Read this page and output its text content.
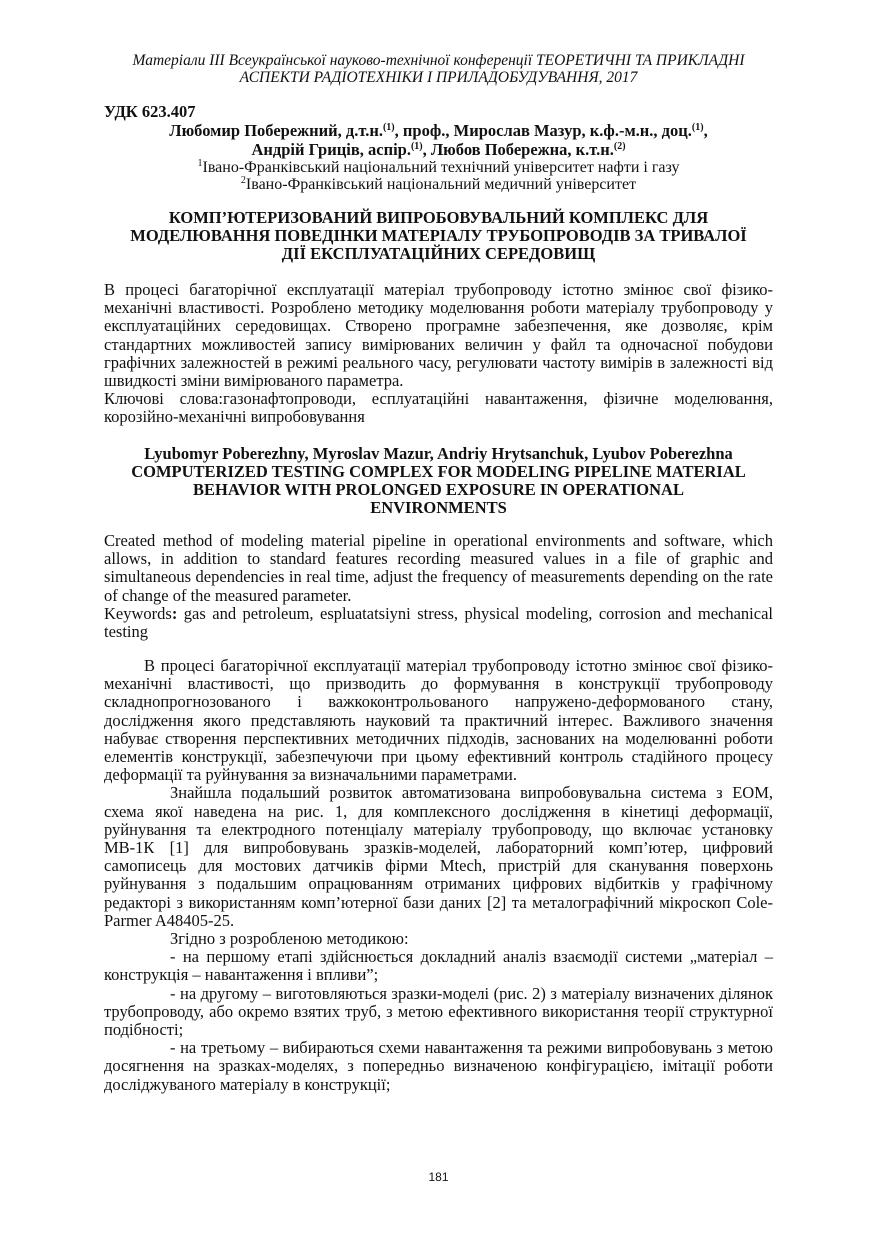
Матеріали ІІІ Всеукраїнської науково-технічної конференції ТЕОРЕТИЧНІ ТА ПРИКЛАДНІ
АСПЕКТИ РАДІОТЕХНІКИ І ПРИЛАДОБУДУВАННЯ, 2017
УДК 623.407
Любомир Побережний, д.т.н.$^{(1)}$, проф., Мирослав Мазур, к.ф.-м.н., доц.$^{(1)}$,
Андрій Гриців, аспір.$^{(1)}$, Любов Побережна, к.т.н.$^{(2)}$
$^1$Івано-Франківський національний технічний університет нафти і газу
$^2$Івано-Франківський національний медичний університет
КОМП’ЮТЕРИЗОВАНИЙ ВИПРОБОВУВАЛЬНИЙ КОМПЛЕКС ДЛЯ
МОДЕЛЮВАННЯ ПОВЕДІНКИ МАТЕРІАЛУ ТРУБОПРОВОДІВ ЗА ТРИВАЛОЇ
ДІЇ ЕКСПЛУАТАЦІЙНИХ СЕРЕДОВИЩ

В процесі багаторічної експлуатації матеріал трубопроводу істотно змінює свої фізико-механічні властивості. Розроблено методику моделювання роботи матеріалу трубопроводу у експлуатаційних середовищах. Створено програмне забезпечення, яке дозволяє, крім стандартних можливостей запису вимірюваних величин у файл та одночасної побудови графічних залежностей в режимі реального часу, регулювати частоту вимірів в залежності від швидкості зміни вимірюваного параметра.

Ключові слова:газонафтопроводи, есплуатаційні навантаження, фізичне моделювання, корозійно-механічні випробовування

Lyubomyr Poberezhny, Myroslav Mazur, Andriy Hrytsanchuk, Lyubov Poberezhna
COMPUTERIZED TESTING COMPLEX FOR MODELING PIPELINE MATERIAL
BEHAVIOR WITH PROLONGED EXPOSURE IN OPERATIONAL
ENVIRONMENTS

Created method of modeling material pipeline in operational environments and software, which allows, in addition to standard features recording measured values in a file of graphic and simultaneous dependencies in real time, adjust the frequency of measurements depending on the rate of change of the measured parameter.

Keywords: gas and petroleum, espluatatsiyni stress, physical modeling, corrosion and mechanical testing

В процесі багаторічної експлуатації матеріал трубопроводу істотно змінює свої фізико-механічні властивості, що призводить до формування в конструкції трубопроводу складнопрогнозованого і важкоконтрольованого напружено-деформованого стану, дослідження якого представляють науковий та практичний інтерес. Важливого значення набуває створення перспективних методичних підходів, заснованих на моделюванні роботи елементів конструкції, забезпечуючи при цьому ефективний контроль стадійного процесу деформації та руйнування за визначальними параметрами.

Знайшла подальший розвиток автоматизована випробовувальна система з ЕОМ, схема якої наведена на рис. 1, для комплексного дослідження в кінетиці деформації, руйнування та електродного потенціалу матеріалу трубопроводу, що включає установку МВ-1К [1] для випробовувань зразків-моделей, лабораторний комп’ютер, цифровий самописець для мостових датчиків фірми Mtech, пристрій для сканування поверхонь руйнування з подальшим опрацюванням отриманих цифрових відбитків у графічному редакторі з використанням комп’ютерної бази даних [2] та металографічний мікроскоп Cole-Parmer A48405-25.

Згідно з розробленою методикою:

- на першому етапі здійснюється докладний аналіз взаємодії системи „матеріал – конструкція – навантаження і впливи”;

- на другому – виготовляються зразки-моделі (рис. 2) з матеріалу визначених ділянок трубопроводу, або окремо взятих труб, з метою ефективного використання теорії структурної подібності;

- на третьому – вибираються схеми навантаження та режими випробовувань з метою досягнення на зразках-моделях, з попередньо визначеною конфігурацією, імітації роботи досліджуваного матеріалу в конструкції;

181
